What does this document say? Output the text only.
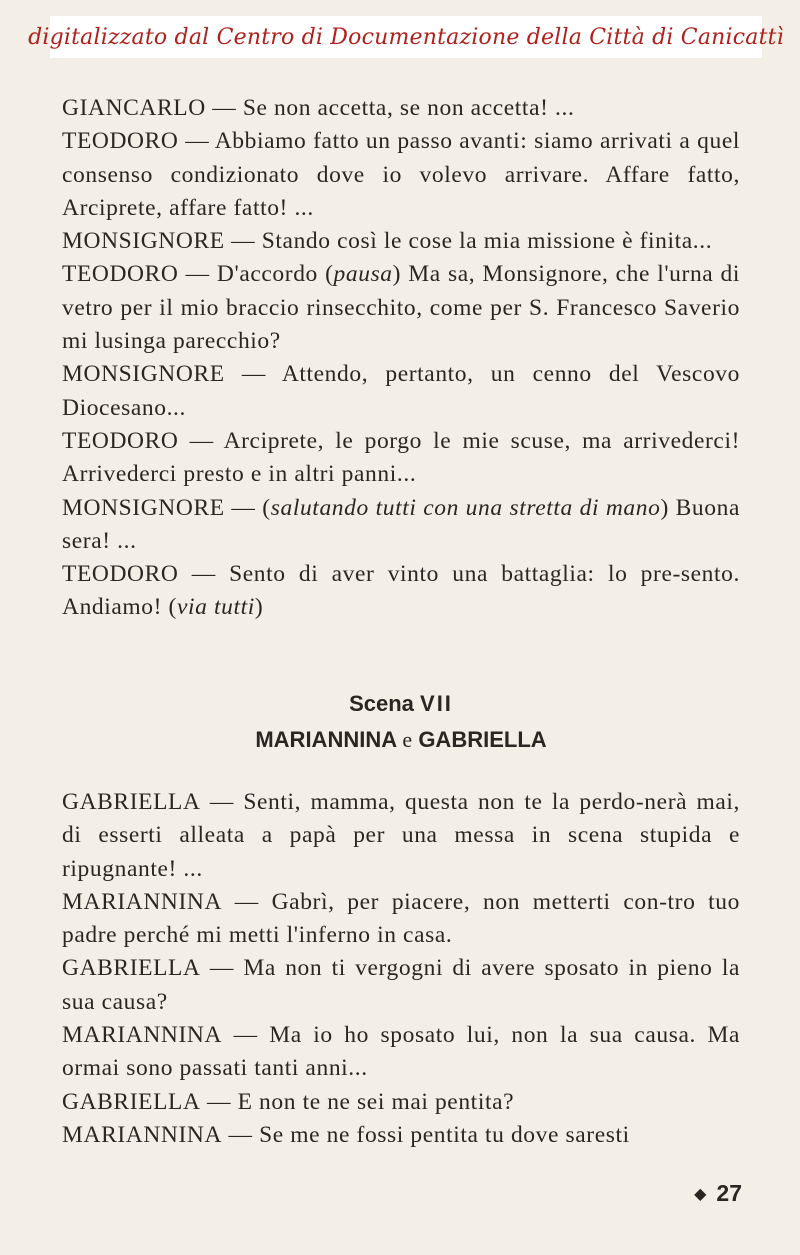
digitalizzato dal Centro di Documentazione della Città di Canicattì

GIANCARLO — Se non accetta, se non accetta! ...

TEODORO — Abbiamo fatto un passo avanti: siamo arrivati a quel consenso condizionato dove io volevo arrivare. Affare fatto, Arciprete, affare fatto! ...

MONSIGNORE — Stando così le cose la mia missione è finita...

TEODORO — D'accordo (pausa) Ma sa, Monsignore, che l'urna di vetro per il mio braccio rinsecchito, come per S. Francesco Saverio mi lusinga parecchio?

MONSIGNORE — Attendo, pertanto, un cenno del Vescovo Diocesano...

TEODORO — Arciprete, le porgo le mie scuse, ma arrivederci! Arrivederci presto e in altri panni...

MONSIGNORE — (salutando tutti con una stretta di mano) Buona sera! ...

TEODORO — Sento di aver vinto una battaglia: lo pre-sento. Andiamo! (via tutti)

Scena VII
MARIANNINA e GABRIELLA

GABRIELLA — Senti, mamma, questa non te la perdo-nerà mai, di esserti alleata a papà per una messa in scena stupida e ripugnante! ...

MARIANNINA — Gabrì, per piacere, non metterti con-tro tuo padre perché mi metti l'inferno in casa.

GABRIELLA — Ma non ti vergogni di avere sposato in pieno la sua causa?

MARIANNINA — Ma io ho sposato lui, non la sua causa. Ma ormai sono passati tanti anni...

GABRIELLA — E non te ne sei mai pentita?

MARIANNINA — Se me ne fossi pentita tu dove saresti

◆ 27
